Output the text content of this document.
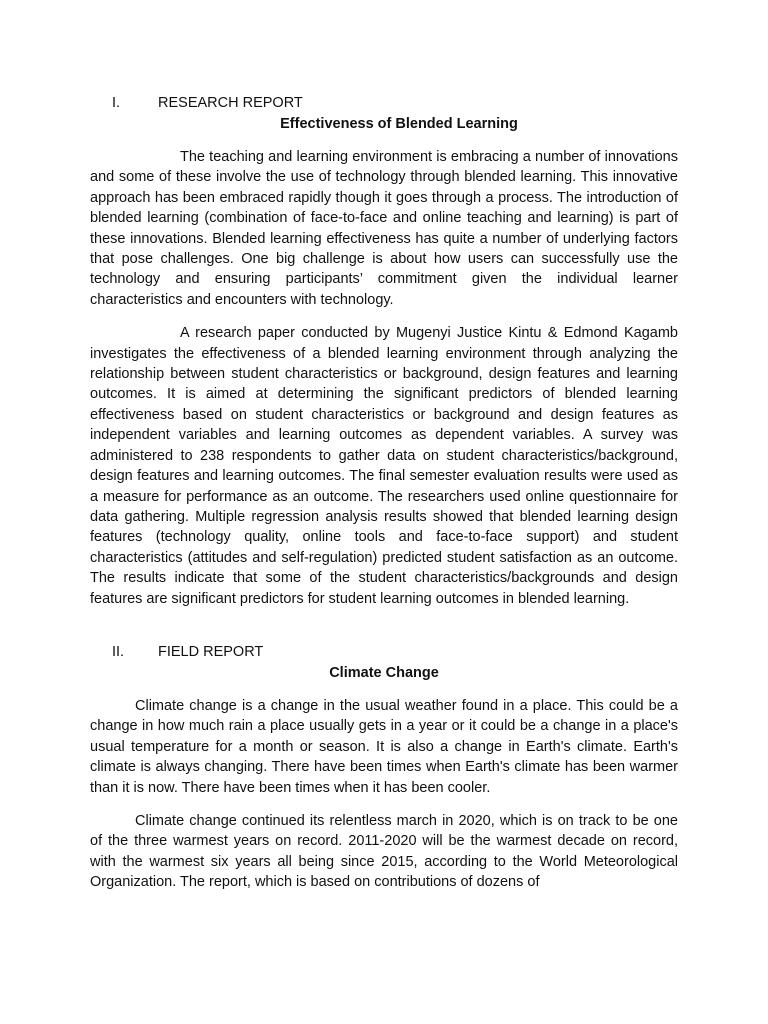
I.	RESEARCH REPORT
Effectiveness of Blended Learning

The teaching and learning environment is embracing a number of innovations and some of these involve the use of technology through blended learning. This innovative approach has been embraced rapidly though it goes through a process. The introduction of blended learning (combination of face-to-face and online teaching and learning) is part of these innovations. Blended learning effectiveness has quite a number of underlying factors that pose challenges. One big challenge is about how users can successfully use the technology and ensuring participants’ commitment given the individual learner characteristics and encounters with technology.

A research paper conducted by Mugenyi Justice Kintu & Edmond Kagamb investigates the effectiveness of a blended learning environment through analyzing the relationship between student characteristics or background, design features and learning outcomes. It is aimed at determining the significant predictors of blended learning effectiveness based on student characteristics or background and design features as independent variables and learning outcomes as dependent variables. A survey was administered to 238 respondents to gather data on student characteristics/background, design features and learning outcomes. The final semester evaluation results were used as a measure for performance as an outcome. The researchers used online questionnaire for data gathering. Multiple regression analysis results showed that blended learning design features (technology quality, online tools and face-to-face support) and student characteristics (attitudes and self-regulation) predicted student satisfaction as an outcome. The results indicate that some of the student characteristics/backgrounds and design features are significant predictors for student learning outcomes in blended learning.

II. FIELD REPORT
Climate Change

Climate change is a change in the usual weather found in a place. This could be a change in how much rain a place usually gets in a year or it could be a change in a place's usual temperature for a month or season. It is also a change in Earth's climate. Earth's climate is always changing. There have been times when Earth's climate has been warmer than it is now. There have been times when it has been cooler.

Climate change continued its relentless march in 2020, which is on track to be one of the three warmest years on record. 2011-2020 will be the warmest decade on record, with the warmest six years all being since 2015, according to the World Meteorological Organization. The report, which is based on contributions of dozens of
